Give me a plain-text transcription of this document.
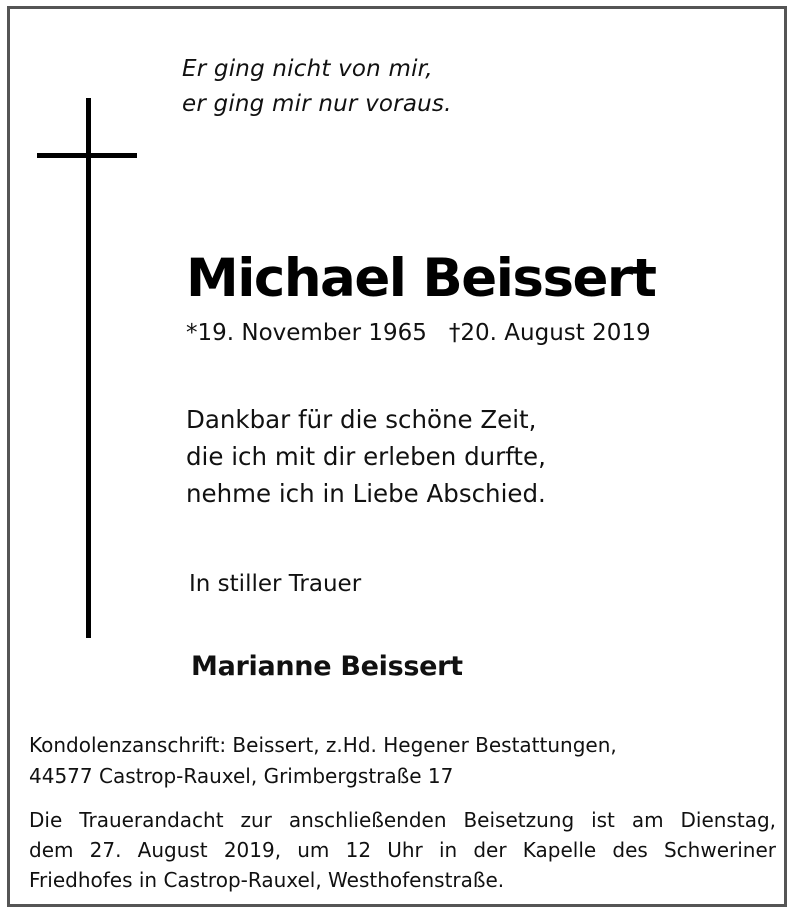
Er ging nicht von mir,
er ging mir nur voraus.
Michael Beissert
*19. November 1965 †20. August 2019
Dankbar für die schöne Zeit,
die ich mit dir erleben durfte,
nehme ich in Liebe Abschied.
In stiller Trauer
Marianne Beissert
Kondolenzanschrift: Beissert, z.Hd. Hegener Bestattungen,
44577 Castrop-Rauxel, Grimbergstraße 17
Die Trauerandacht zur anschließenden Beisetzung ist am Dienstag,
dem 27. August 2019, um 12 Uhr in der Kapelle des Schweriner
Friedhofes in Castrop-Rauxel, Westhofenstraße.
